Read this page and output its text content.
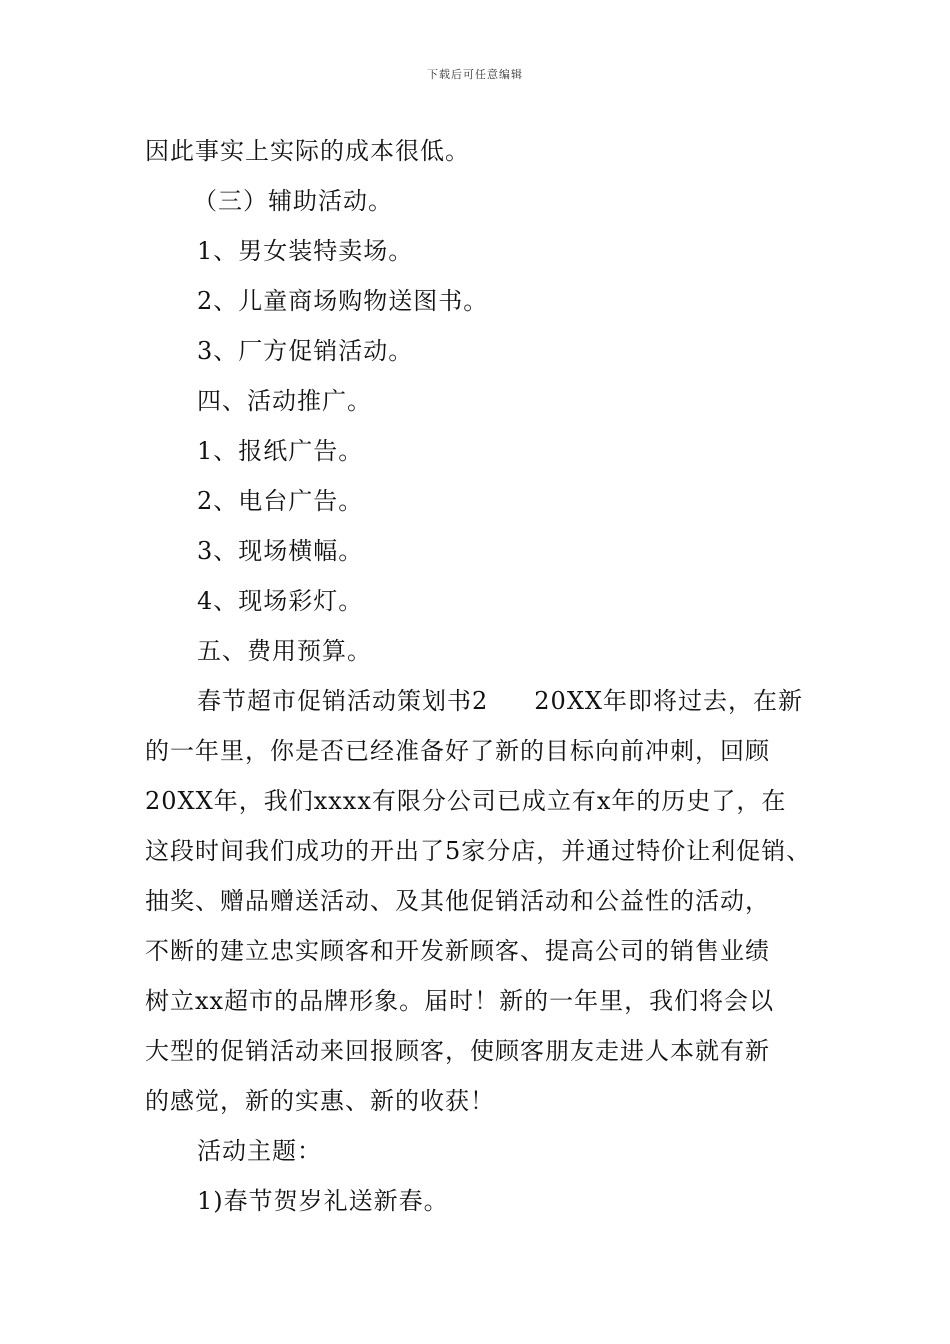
下载后可任意编辑
因此事实上实际的成本很低。
（三）辅助活动。
1、男女装特卖场。
2、儿童商场购物送图书。
3、厂方促销活动。
四、活动推广。
1、报纸广告。
2、电台广告。
3、现场横幅。
4、现场彩灯。
五、费用预算。
春节超市促销活动策划书2 20XX年即将过去，在新
的一年里，你是否已经准备好了新的目标向前冲刺，回顾
20XX年，我们xxxx有限分公司已成立有x年的历史了，在
这段时间我们成功的开出了5家分店，并通过特价让利促销、
抽奖、赠品赠送活动、及其他促销活动和公益性的活动，
不断的建立忠实顾客和开发新顾客、提高公司的销售业绩
树立xx超市的品牌形象。届时！新的一年里，我们将会以
大型的促销活动来回报顾客，使顾客朋友走进人本就有新
的感觉，新的实惠、新的收获！
活动主题：
1)春节贺岁礼送新春。
